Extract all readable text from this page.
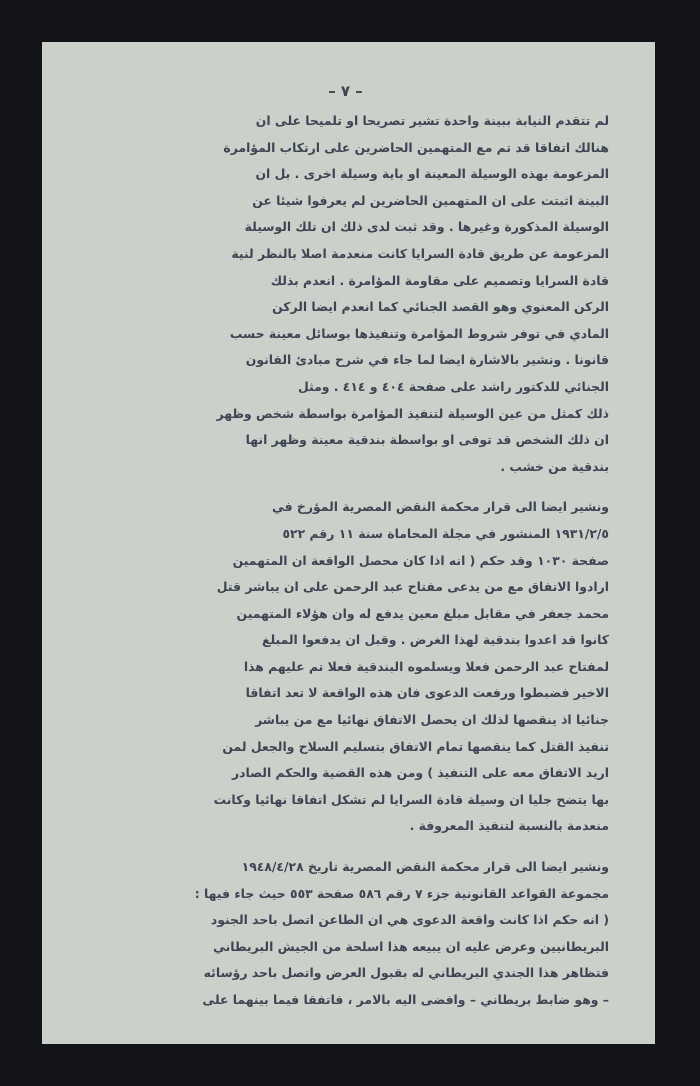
– ٧ –

لم تتقدم النيابة ببينة واحدة تشير تصريحا او تلميحا على ان

هنالك اتفاقا قد تم مع المتهمين الحاضرين على ارتكاب المؤامرة

المزعومة بهذه الوسيلة المعينة او باية وسيلة اخرى . بل ان

البينة اثبتت على ان المتهمين الحاضرين لم يعرفوا شيئا عن

الوسيلة المذكورة وغيرها . وقد ثبت لدى ذلك ان تلك الوسيلة

المزعومة عن طريق قادة السرايا كانت منعدمة اصلا بالنظر لنية

قادة السرايا وتصميم على مقاومة المؤامرة . انعدم بذلك

الركن المعنوي وهو القصد الجنائي كما انعدم ايضا الركن

المادي في توفر شروط المؤامرة وتنفيذها بوسائل معينة حسب

قانونا . ونشير بالاشارة ايضا لما جاء في شرح مبادئ القانون

الجنائي للدكتور راشد على صفحة ٤٠٤ و ٤١٤ . ومثل

ذلك كمثل من عين الوسيلة لتنفيذ المؤامرة بواسطة شخص وظهر

ان ذلك الشخص قد توفى او بواسطة بندقية معينة وظهر انها

بندقية من خشب .

ونشير ايضا الى قرار محكمة النقض المصرية المؤرخ في

١٩٣١/٢/٥ المنشور في مجلة المحاماة سنة ١١ رقم ٥٢٢

صفحة ١٠٣٠ وقد حكم ( انه اذا كان محصل الواقعة ان المتهمين

ارادوا الاتفاق مع من يدعى مفتاح عبد الرحمن على ان يباشر قتل

محمد جعفر في مقابل مبلغ معين يدفع له وان هؤلاء المتهمين

كانوا قد اعدوا بندقية لهذا الغرض . وقبل ان يدفعوا المبلغ

لمفتاح عبد الرحمن فعلا ويسلموه البندقية فعلا تم عليهم هذا

الاخير فضبطوا ورفعت الدعوى فان هذه الواقعة لا تعد اتفاقا

جنائيا اذ ينقصها لذلك ان يحصل الاتفاق نهائيا مع من يباشر

تنفيذ القتل كما ينقصها تمام الاتفاق بتسليم السلاح والجعل لمن

اريد الاتفاق معه على التنفيذ ) ومن هذه القضية والحكم الصادر

بها يتضح جليا ان وسيلة قادة السرايا لم تشكل اتفاقا نهائيا وكانت

منعدمة بالنسبة لتنفيذ المعروفة .

ونشير ايضا الى قرار محكمة النقض المصرية تاريخ ١٩٤٨/٤/٢٨

مجموعة القواعد القانونية جزء ٧ رقم ٥٨٦ صفحة ٥٥٣ حيث جاء فيها :

( انه حكم اذا كانت واقعة الدعوى هي ان الطاعن اتصل باحد الجنود

البريطانيين وعرض عليه ان يبيعه هذا اسلحة من الجيش البريطاني

فتظاهر هذا الجندي البريطاني له بقبول العرض واتصل باحد رؤسائه

– وهو ضابط بريطاني – وافضى اليه بالامر ، فاتفقا فيما بينهما على
